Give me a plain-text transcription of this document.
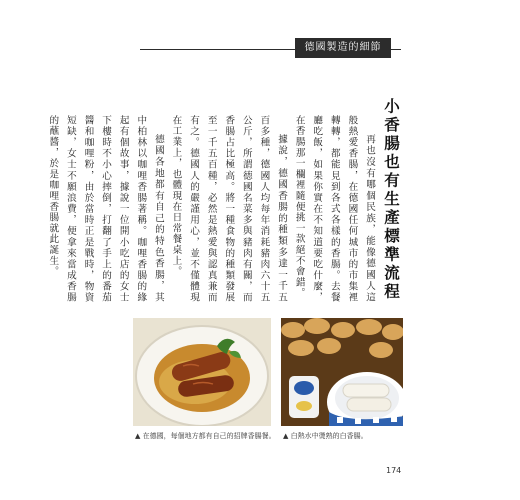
德國製造的細節
小香腸也有生產標準流程

再也沒有哪個民族，能像德國人這般熱愛香腸，在德國任何城市的市集裡轉轉，都能見到各式各樣的香腸。去餐廳吃飯，如果你實在不知道要吃什麼，在香腸那一欄裡隨便挑一款絕不會錯。

據說，德國香腸的種類多達一千五百多種，德國人均每年消耗豬肉六十五公斤，所謂德國名菜多與豬肉有關，而香腸占比極高。將一種食物的種類發展至一千五百種，必然是熱愛與認真兼而有之。德國人的嚴謹用心，並不僅體現在工業上，也體現在日常餐桌上。

德國各地都有自己的特色香腸，其中柏林以咖哩香腸著稱。咖哩香腸的緣起有個故事，據說一位開小吃店的女士下樓時不小心摔倒，打翻了手上的番茄醬和咖哩粉，由於當時正是戰時，物資短缺，女士不願浪費，便拿來當成香腸的蘸醬，於是咖哩香腸就此誕生。

▲ 在德國，每個地方都有自己的招牌香腸餐。 ▲ 白熱水中燙熟的白香腸。
174
